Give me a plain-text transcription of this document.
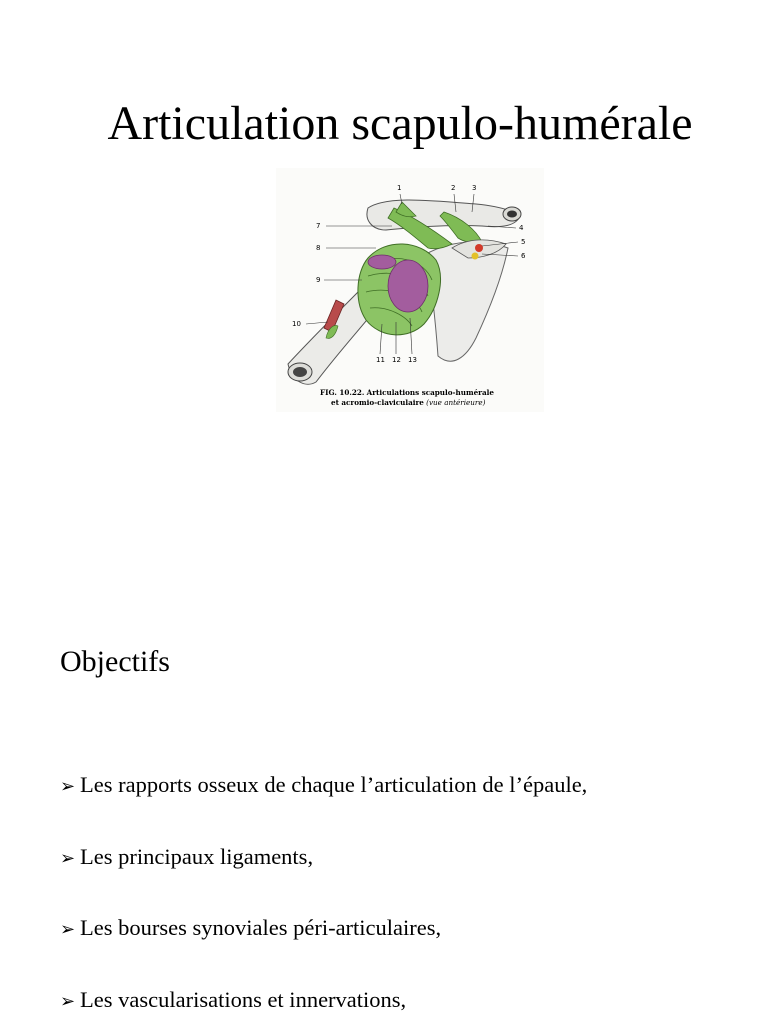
Articulation scapulo-humérale
1	2 3
4
5
6
7
8
9
10
11 12 13
FIG. 10.22. Articulations scapulo-humérale
et acromio-claviculaire (vue antérieure)
Objectifs
➢ Les rapports osseux de chaque l’articulation de l’épaule,
➢ Les principaux ligaments,
➢ Les bourses synoviales péri-articulaires,
➢ Les vascularisations et innervations,
